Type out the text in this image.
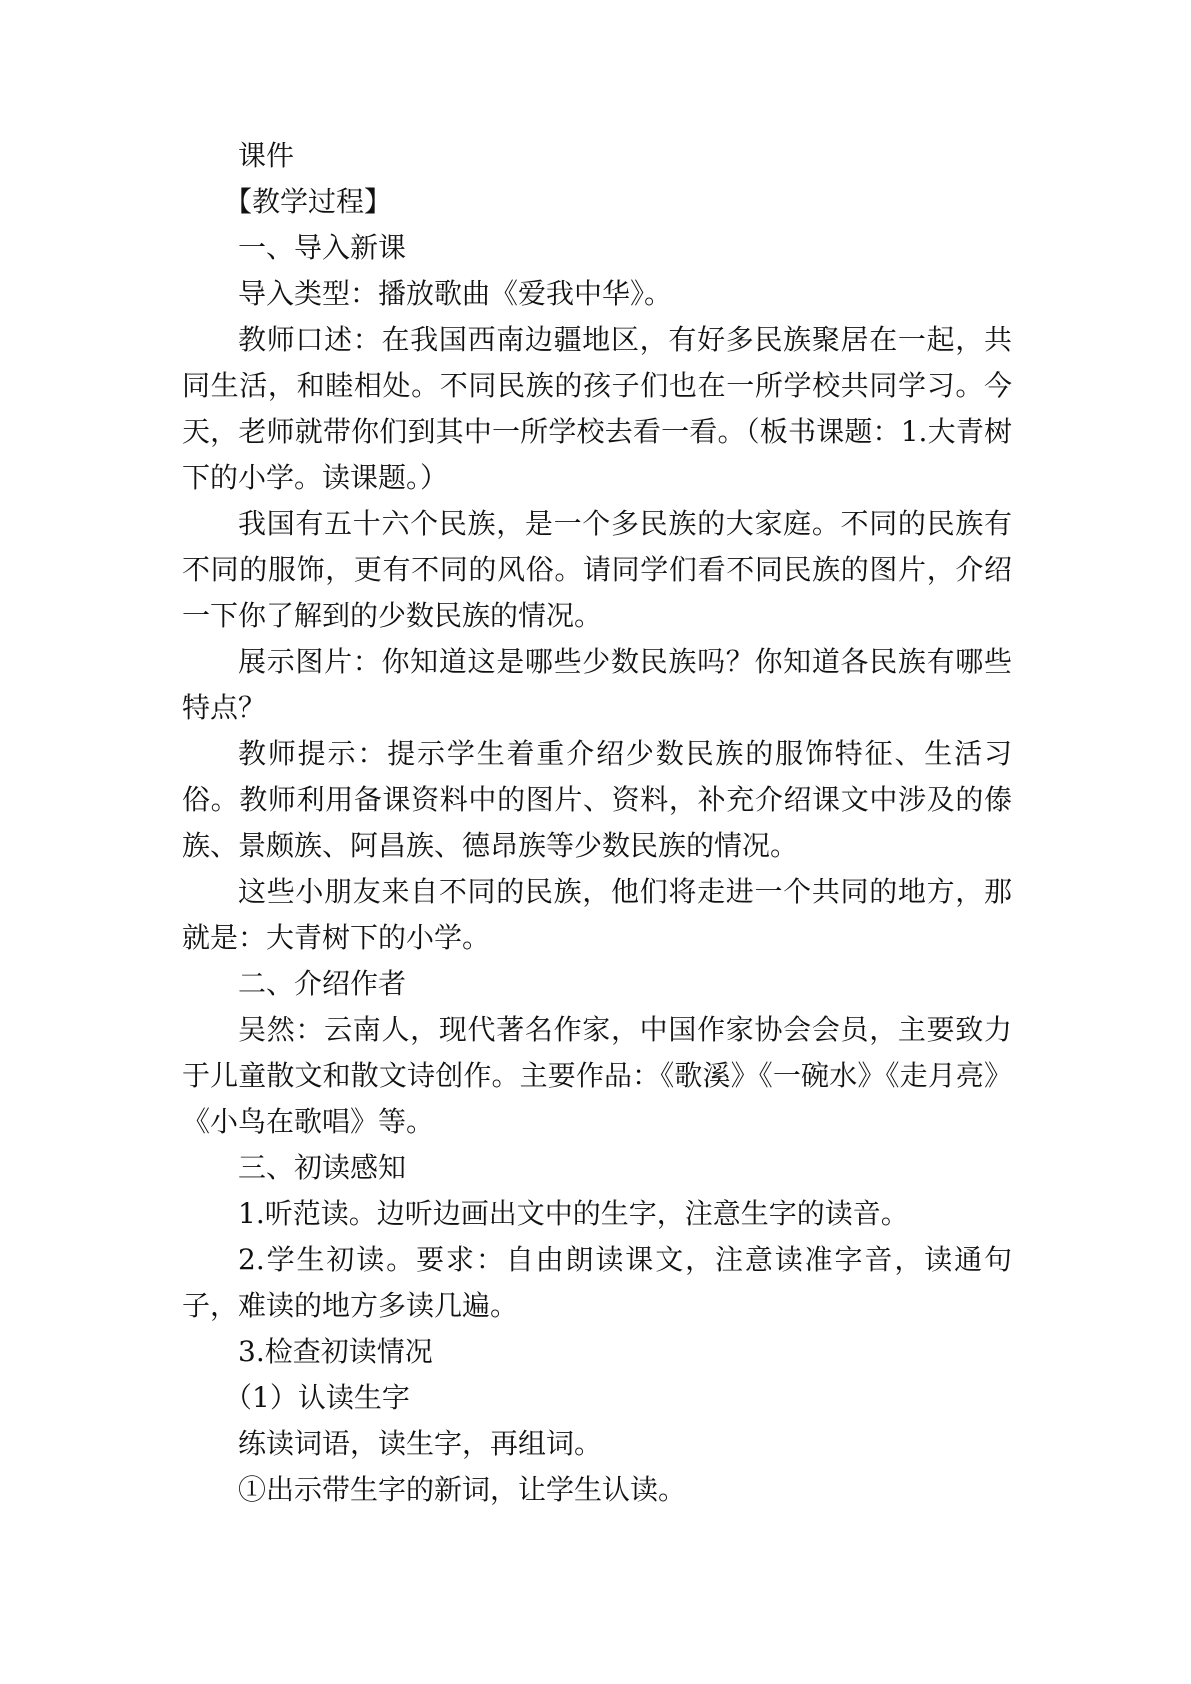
课件

【教学过程】

一、导入新课

导入类型：播放歌曲《爱我中华》。

教师口述：在我国西南边疆地区，有好多民族聚居在一起，共同生活，和睦相处。不同民族的孩子们也在一所学校共同学习。今天，老师就带你们到其中一所学校去看一看。（板书课题：1.大青树下的小学。读课题。）

我国有五十六个民族，是一个多民族的大家庭。不同的民族有不同的服饰，更有不同的风俗。请同学们看不同民族的图片，介绍一下你了解到的少数民族的情况。

展示图片：你知道这是哪些少数民族吗？你知道各民族有哪些特点？

教师提示：提示学生着重介绍少数民族的服饰特征、生活习俗。教师利用备课资料中的图片、资料，补充介绍课文中涉及的傣族、景颇族、阿昌族、德昂族等少数民族的情况。

这些小朋友来自不同的民族，他们将走进一个共同的地方，那就是：大青树下的小学。

二、介绍作者

吴然：云南人，现代著名作家，中国作家协会会员，主要致力于儿童散文和散文诗创作。主要作品：《歌溪》《一碗水》《走月亮》《小鸟在歌唱》等。

三、初读感知

1.听范读。边听边画出文中的生字，注意生字的读音。

2.学生初读。要求：自由朗读课文，注意读准字音，读通句子，难读的地方多读几遍。

3.检查初读情况

（1）认读生字

练读词语，读生字，再组词。

①出示带生字的新词，让学生认读。
